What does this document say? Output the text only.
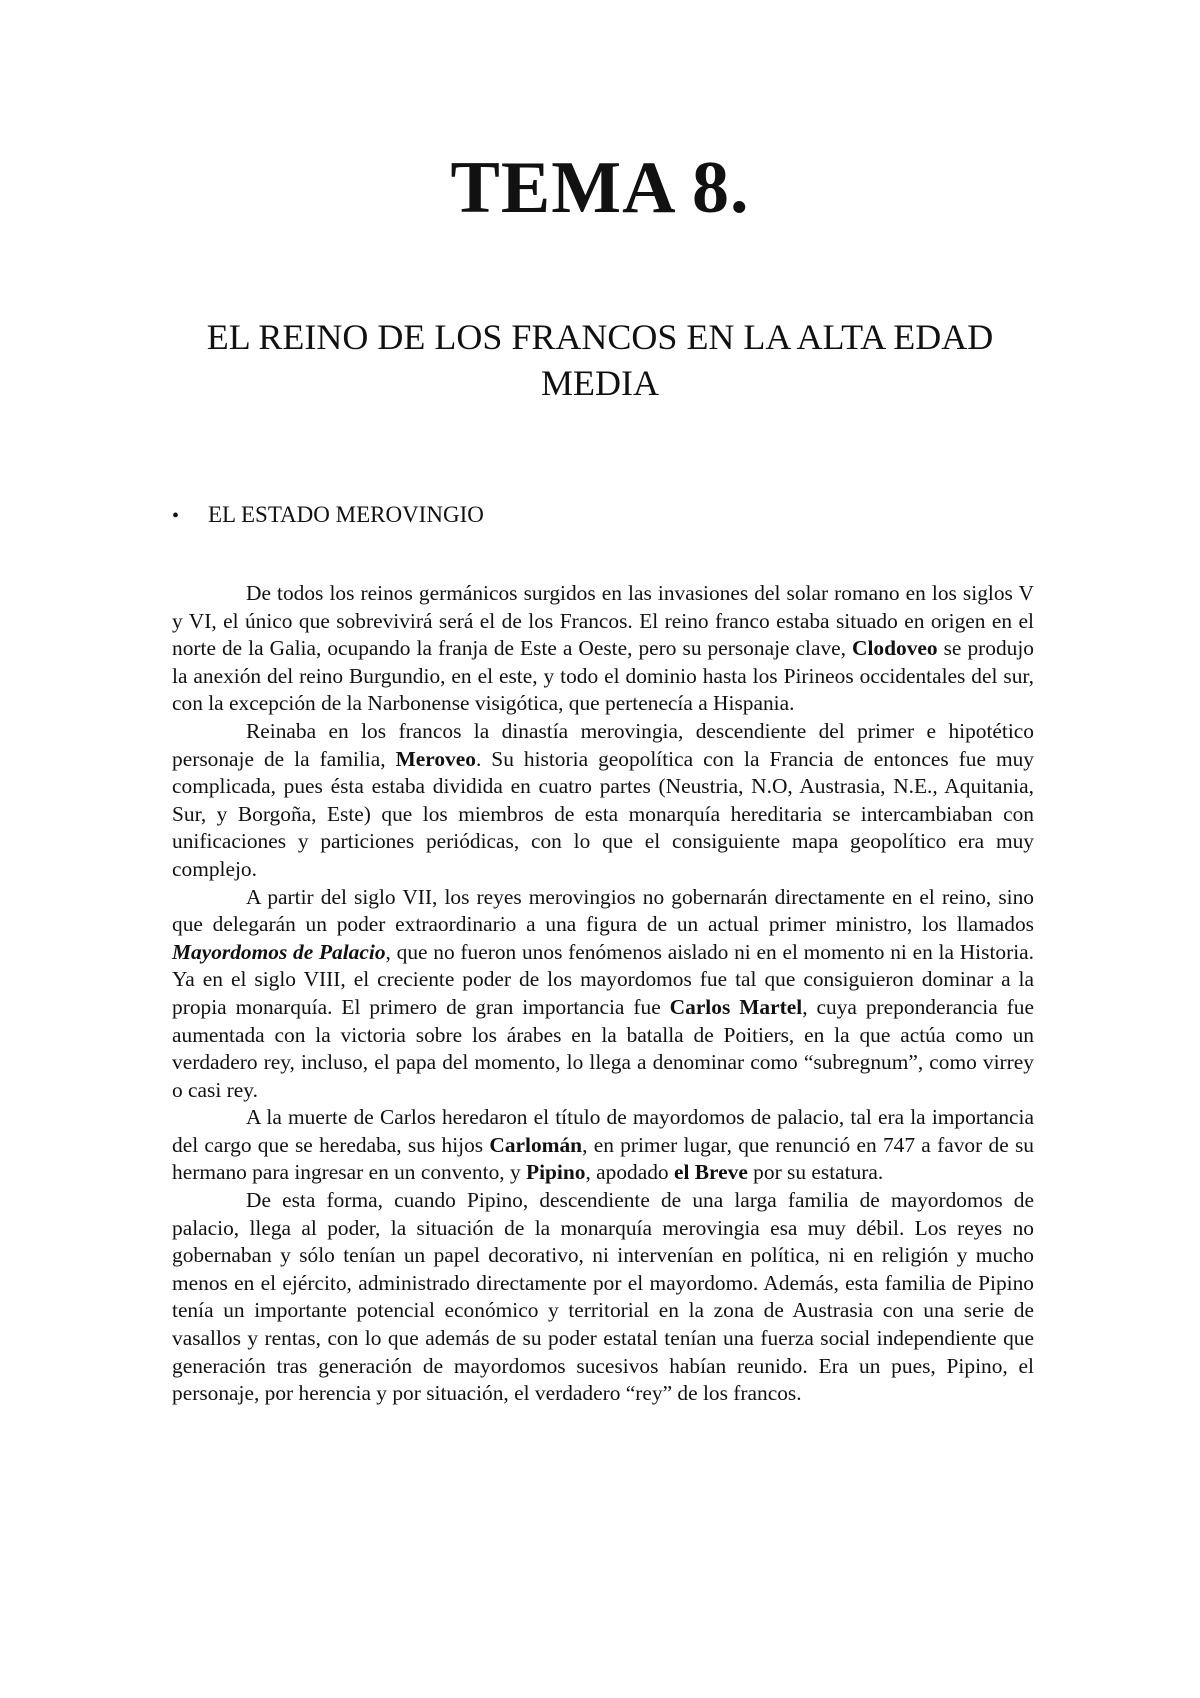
TEMA 8.
EL REINO DE LOS FRANCOS EN LA ALTA EDAD MEDIA
• EL ESTADO MEROVINGIO

De todos los reinos germánicos surgidos en las invasiones del solar romano en los siglos V y VI, el único que sobrevivirá será el de los Francos. El reino franco estaba situado en origen en el norte de la Galia, ocupando la franja de Este a Oeste, pero su personaje clave, Clodoveo se produjo la anexión del reino Burgundio, en el este, y todo el dominio hasta los Pirineos occidentales del sur, con la excepción de la Narbonense visigótica, que pertenecía a Hispania.

Reinaba en los francos la dinastía merovingia, descendiente del primer e hipotético personaje de la familia, Meroveo. Su historia geopolítica con la Francia de entonces fue muy complicada, pues ésta estaba dividida en cuatro partes (Neustria, N.O, Austrasia, N.E., Aquitania, Sur, y Borgoña, Este) que los miembros de esta monarquía hereditaria se intercambiaban con unificaciones y particiones periódicas, con lo que el consiguiente mapa geopolítico era muy complejo.

A partir del siglo VII, los reyes merovingios no gobernarán directamente en el reino, sino que delegarán un poder extraordinario a una figura de un actual primer ministro, los llamados Mayordomos de Palacio, que no fueron unos fenómenos aislado ni en el momento ni en la Historia. Ya en el siglo VIII, el creciente poder de los mayordomos fue tal que consiguieron dominar a la propia monarquía. El primero de gran importancia fue Carlos Martel, cuya preponderancia fue aumentada con la victoria sobre los árabes en la batalla de Poitiers, en la que actúa como un verdadero rey, incluso, el papa del momento, lo llega a denominar como “subregnum”, como virrey o casi rey.

A la muerte de Carlos heredaron el título de mayordomos de palacio, tal era la importancia del cargo que se heredaba, sus hijos Carlomán, en primer lugar, que renunció en 747 a favor de su hermano para ingresar en un convento, y Pipino, apodado el Breve por su estatura.

De esta forma, cuando Pipino, descendiente de una larga familia de mayordomos de palacio, llega al poder, la situación de la monarquía merovingia esa muy débil. Los reyes no gobernaban y sólo tenían un papel decorativo, ni intervenían en política, ni en religión y mucho menos en el ejército, administrado directamente por el mayordomo. Además, esta familia de Pipino tenía un importante potencial económico y territorial en la zona de Austrasia con una serie de vasallos y rentas, con lo que además de su poder estatal tenían una fuerza social independiente que generación tras generación de mayordomos sucesivos habían reunido. Era un pues, Pipino, el personaje, por herencia y por situación, el verdadero “rey” de los francos.
